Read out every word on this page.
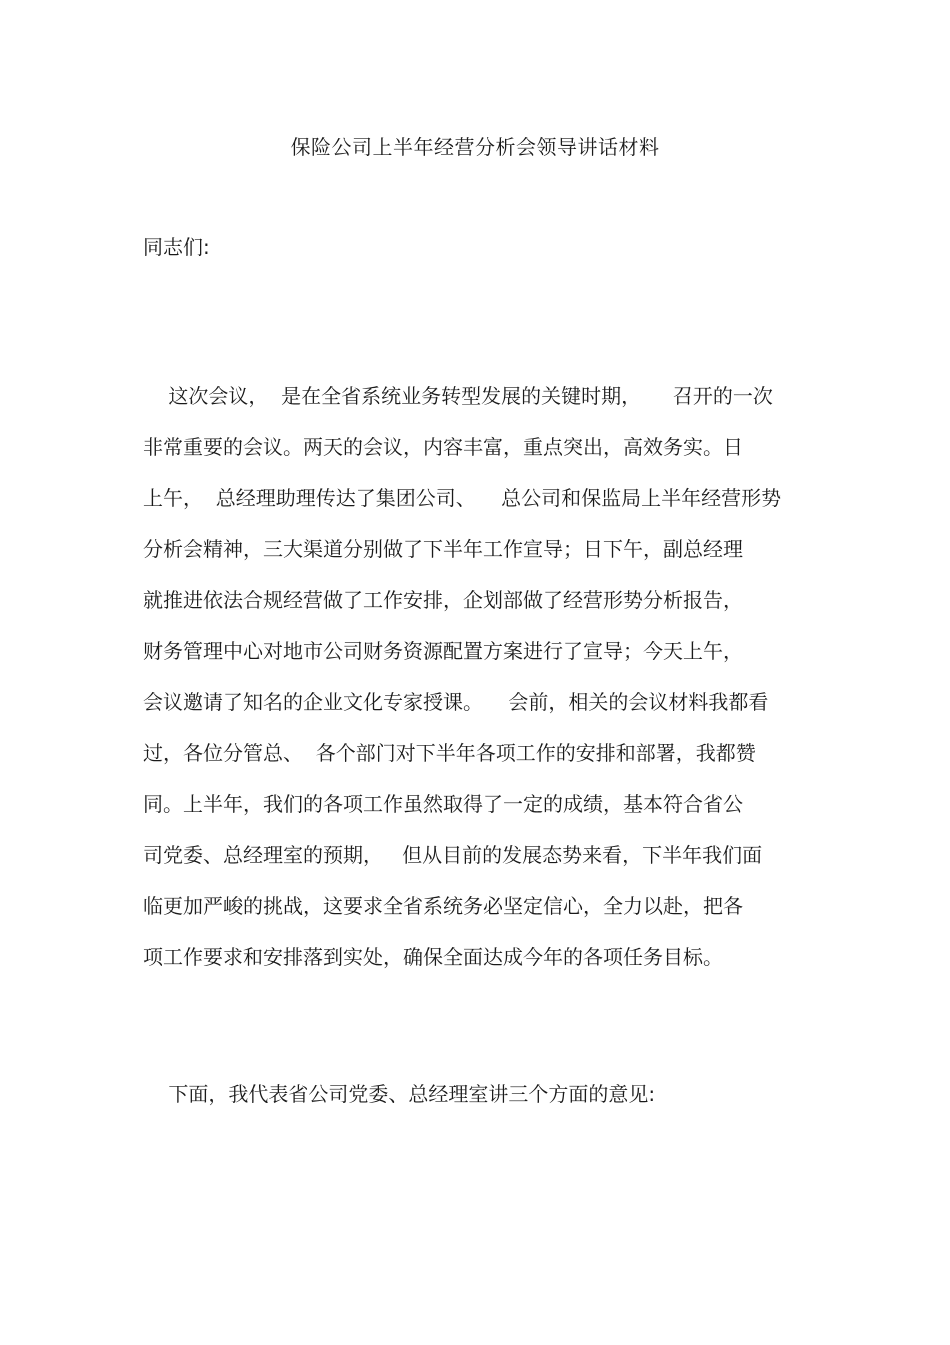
保险公司上半年经营分析会领导讲话材料
同志们:
这次会议，  是在全省系统业务转型发展的关键时期，     召开的一次
非常重要的会议。两天的会议，内容丰富，重点突出，高效务实。日
上午，  总经理助理传达了集团公司、    总公司和保监局上半年经营形势
分析会精神，三大渠道分别做了下半年工作宣导；日下午，副总经理
就推进依法合规经营做了工作安排，企划部做了经营形势分析报告，
财务管理中心对地市公司财务资源配置方案进行了宣导；今天上午，
会议邀请了知名的企业文化专家授课。    会前，相关的会议材料我都看
过，各位分管总、  各个部门对下半年各项工作的安排和部署，我都赞
同。上半年，我们的各项工作虽然取得了一定的成绩，基本符合省公
司党委、总经理室的预期，   但从目前的发展态势来看，下半年我们面
临更加严峻的挑战，这要求全省系统务必坚定信心，全力以赴，把各
项工作要求和安排落到实处，确保全面达成今年的各项任务目标。
下面，我代表省公司党委、总经理室讲三个方面的意见:
